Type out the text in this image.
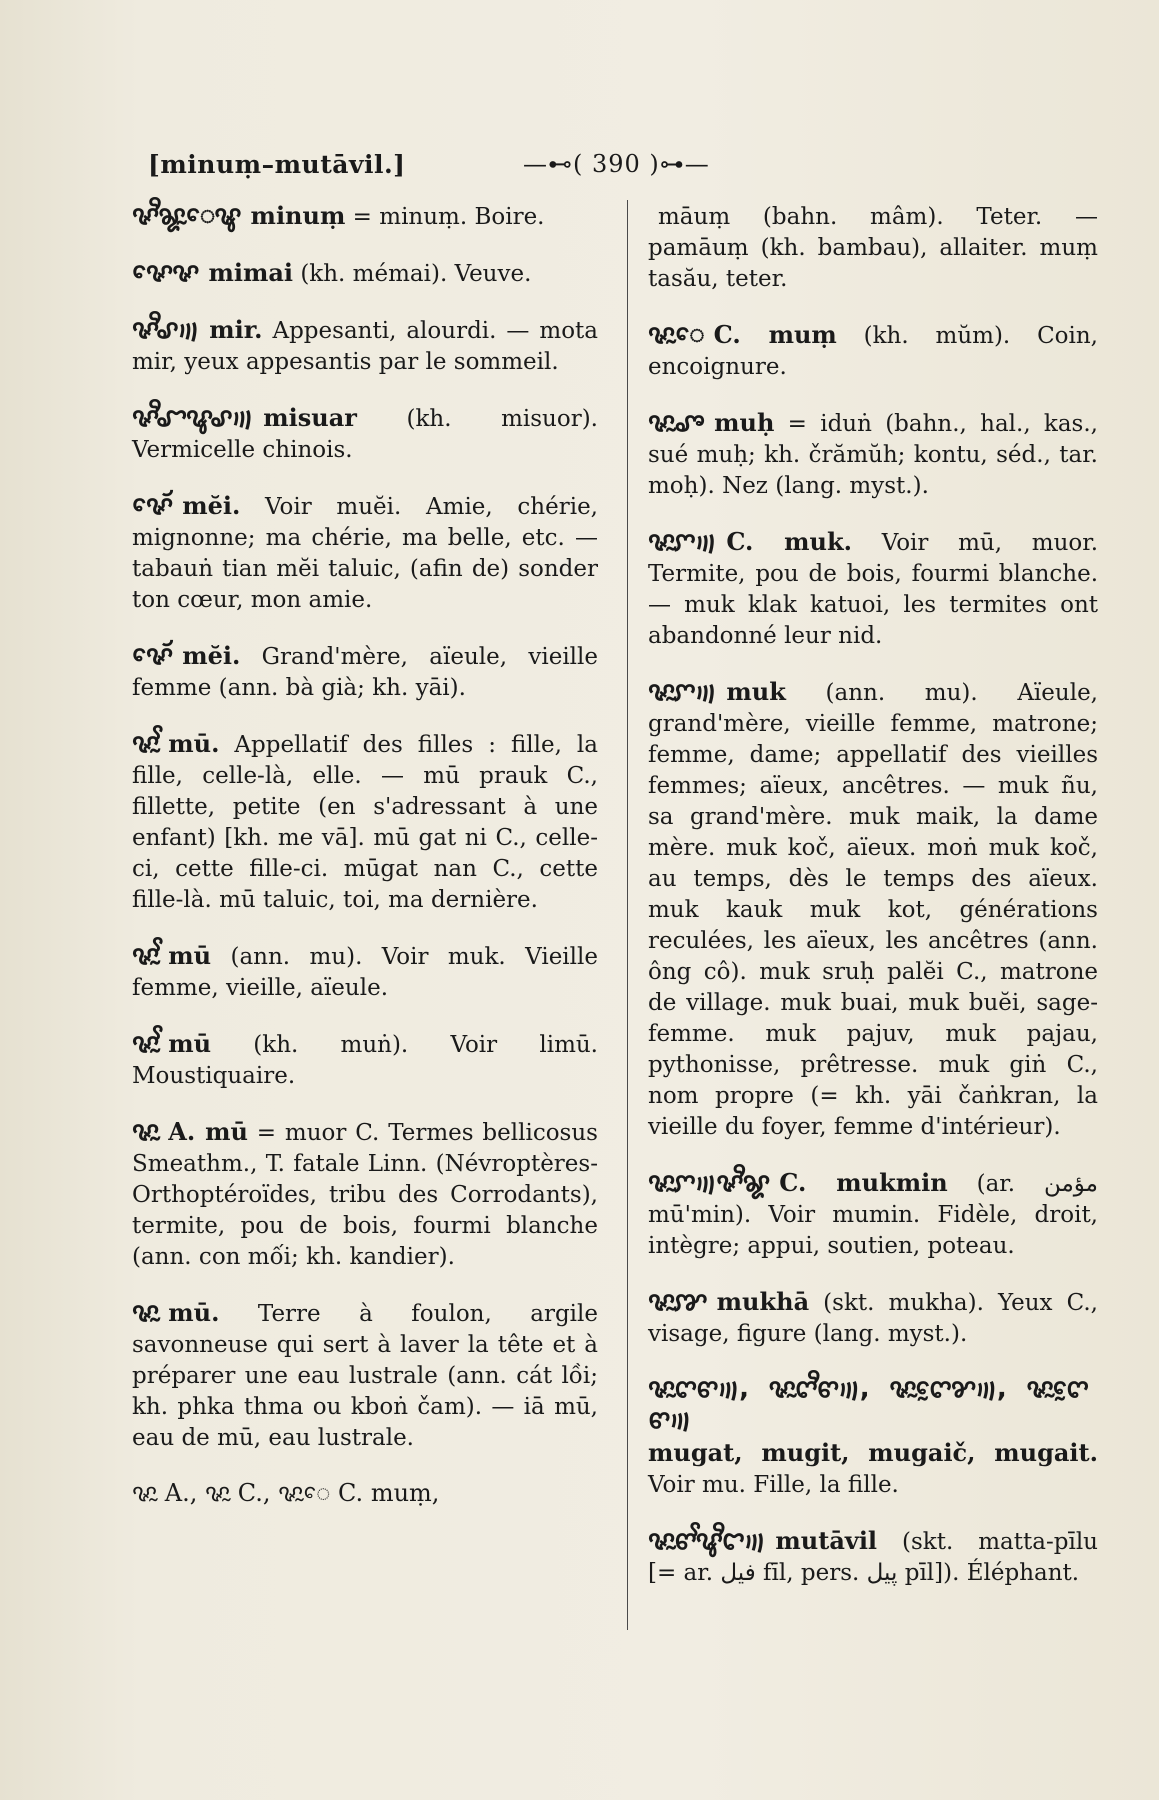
[minuṃ–mutāvil.]	—⊷( 390 )⊶—

ꨟꨪꨘꨭꨯꨡ minuṃ = minuṃ. Boire.

ꨟꨯꨟ mimai (kh. mémai). Veuve.

ꨟꨪꨣ꩟ mir. Appesanti, alourdi. — mota mir, yeux appesantis par le sommeil.

ꨟꨪꨧꨥꨣ꩟ misuar (kh. misuor). Vermicelle chinois.

ꨟꨯꨮ mĕi. Voir muĕi. Amie, chérie, mignonne; ma chérie, ma belle, etc. — tabauṅ tian mĕi taluic, (afin de) sonder ton cœur, mon amie.

ꨟꨯꨮ mĕi. Grand'mère, aïeule, vieille femme (ann. bà già; kh. yāi).

ꨟꨭꨩ mū. Appellatif des filles : fille, la fille, celle-là, elle. — mū prauk C., fillette, petite (en s'adressant à une enfant) [kh. me vā]. mū gat ni C., celle-ci, cette fille-ci. mūgat nan C., cette fille-là. mū taluic, toi, ma dernière.

ꨟꨭꨩ mū (ann. mu). Voir muk. Vieille femme, vieille, aïeule.

ꨟꨭꨩ mū (kh. muṅ). Voir limū. Moustiquaire.

ꨟꨭ A. mū = muor C. Termes bellicosus Smeathm., T. fatale Linn. (Névroptères-Orthoptéroïdes, tribu des Corrodants), termite, pou de bois, fourmi blanche (ann. con mối; kh. kandier).

ꨟꨭ mū. Terre à foulon, argile savonneuse qui sert à laver la tête et à préparer une eau lustrale (ann. cát lồi; kh. phka thma ou kboṅ čam). — iā mū, eau de mū, eau lustrale.

ꨟꨭ A., ꨟꨭ C., ꨟꨭꨯ C. muṃ,

māuṃ (bahn. mâm). Teter. — pamāuṃ (kh. bambau), allaiter. muṃ tasău, teter.

ꨟꨭꨯ C. muṃ (kh. mŭm). Coin, encoignure.

ꨟꨭꨨ muḥ = iduṅ (bahn., hal., kas., sué muḥ; kh. črămŭh; kontu, séd., tar. moḥ). Nez (lang. myst.).

ꨟꨭꨆ꩟ C. muk. Voir mū, muor. Termite, pou de bois, fourmi blanche. — muk klak katuoi, les termites ont abandonné leur nid.

ꨟꨭꨆ꩟ muk (ann. mu). Aïeule, grand'mère, vieille femme, matrone; femme, dame; appellatif des vieilles femmes; aïeux, ancêtres. — muk ñu, sa grand'mère. muk maik, la dame mère. muk koč, aïeux. moṅ muk koč, au temps, dès le temps des aïeux. muk kauk muk kot, générations reculées, les aïeux, les ancêtres (ann. ông cô). muk sruḥ palĕi C., matrone de village. muk buai, muk buĕi, sage-femme. muk pajuv, muk pajau, pythonisse, prêtresse. muk giṅ C., nom propre (= kh. yāi čaṅkran, la vieille du foyer, femme d'intérieur).

ꨟꨭꨆ꩟ꨟꨪꨘ C. mukmin (ar. مؤمن mū'min). Voir mumin. Fidèle, droit, intègre; appui, soutien, poteau.

ꨟꨭꨇ mukhā (skt. mukha). Yeux C., visage, figure (lang. myst.).

ꨟꨭꨈꨓ꩟, ꨟꨭꨈꨪꨓ꩟, ꨟꨭꨈꨰꨌ꩟, ꨟꨭꨈꨰꨓ꩟mugat, mugit, mugaič, mugait. Voir mu. Fille, la fille.

ꨟꨭꨓꨩꨥꨪꨤ꩟ mutāvil (skt. matta-pīlu [= ar. فيل fīl, pers. پيل pīl]). Éléphant.
